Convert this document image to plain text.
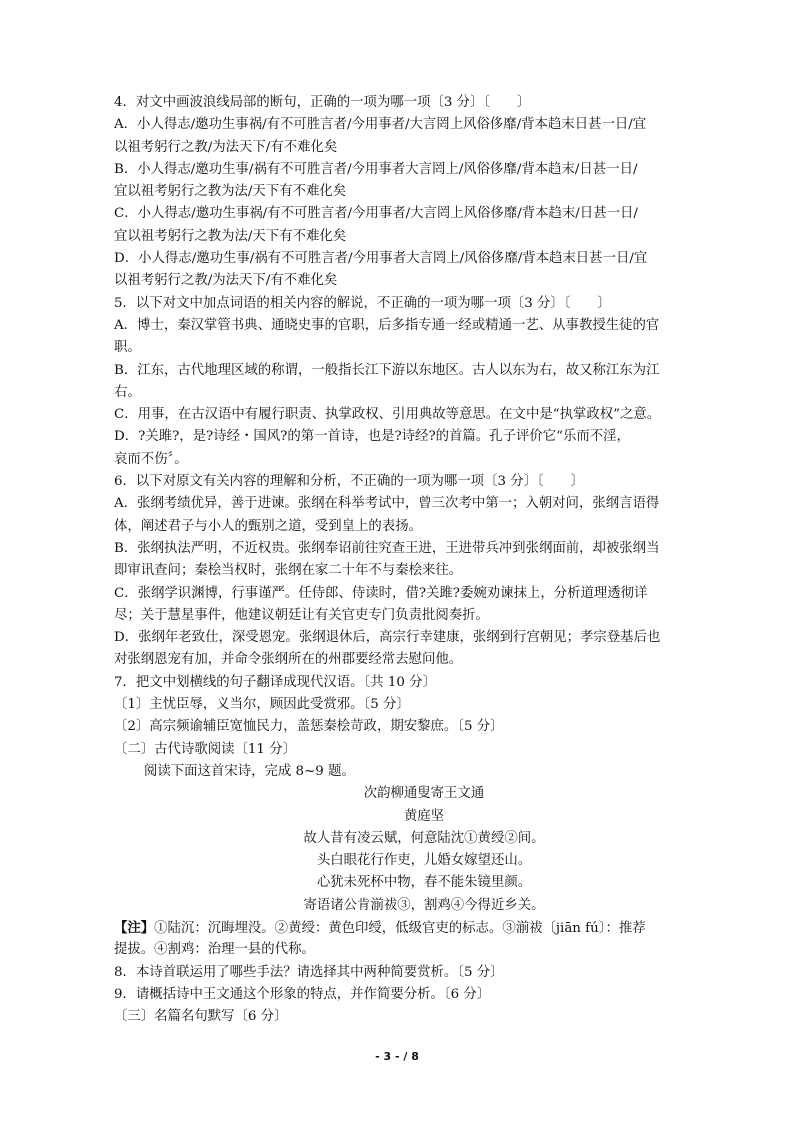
4．对文中画波浪线局部的断句，正确的一项为哪一项〔3 分〕〔　　〕
A．小人得志/邀功生事祸/有不可胜言者/今用事者/大言罔上风俗侈靡/背本趋末日甚一日/宜
以祖考躬行之教/为法天下/有不难化矣
B．小人得志/邀功生事/祸有不可胜言者/今用事者大言罔上/风俗侈靡/背本趋末/日甚一日/
宜以祖考躬行之教为法/天下有不难化矣
C．小人得志/邀功生事祸/有不可胜言者/今用事者/大言罔上风俗侈靡/背本趋末/日甚一日/
宜以祖考躬行之教为法/天下有不难化矣
D．小人得志/邀功生事/祸有不可胜言者/今用事者大言罔上/风俗侈靡/背本趋末日甚一日/宜
以祖考躬行之教/为法天下/有不难化矣
5．以下对文中加点词语的相关内容的解说，不正确的一项为哪一项〔3 分〕〔　　〕
A．博士，秦汉掌管书典、通晓史事的官职，后多指专通一经或精通一艺、从事教授生徒的官
职。
B．江东，古代地理区域的称谓，一般指长江下游以东地区。古人以东为右，故又称江东为江
右。
C．用事，在古汉语中有履行职责、执掌政权、引用典故等意思。在文中是“执掌政权”之意。
D．?关雎?，是?诗经・国风?的第一首诗，也是?诗经?的首篇。孔子评价它“乐而不淫，
哀而不伤〞。
6．以下对原文有关内容的理解和分析，不正确的一项为哪一项〔3 分〕〔　　〕
A．张纲考绩优异，善于进谏。张纲在科举考试中，曾三次考中第一；入朝对问，张纲言语得
体，阐述君子与小人的甄别之道，受到皇上的表扬。
B．张纲执法严明，不近权贵。张纲奉诏前往究查王进，王进带兵冲到张纲面前，却被张纲当
即审讯查问；秦桧当权时，张纲在家二十年不与秦桧来往。
C．张纲学识渊博，行事谨严。任侍郎、侍读时，借?关雎?委婉劝谏抹上，分析道理透彻详
尽；关于慧星事件，他建议朝廷让有关官吏专门负责批阅奏折。
D．张纲年老致仕，深受恩宠。张纲退休后，高宗行幸建康，张纲到行宫朝见；孝宗登基后也
对张纲恩宠有加，并命令张纲所在的州郡要经常去慰问他。
7．把文中划横线的句子翻译成现代汉语。〔共 10 分〕
〔1〕主忧臣辱，义当尔，顾因此受赏邪。〔5 分〕
〔2〕高宗频谕辅臣宽恤民力，盖惩秦桧苛政，期安黎庶。〔5 分〕
〔二〕古代诗歌阅读〔11 分〕
阅读下面这首宋诗，完成 8~9 题。
次韵柳通叟寄王文通
黄庭坚
故人昔有凌云赋，何意陆沈①黄绶②间。
头白眼花行作吏，儿婚女嫁望还山。
心犹未死杯中物，春不能朱镜里颜。
寄语诸公肯湔祓③，割鸡④今得近乡关。
【注】①陆沉：沉晦埋没。②黄绶：黄色印绶，低级官吏的标志。③湔祓〔jiān fú〕：推荐
提拔。④割鸡：治理一县的代称。
8．本诗首联运用了哪些手法？请选择其中两种简要赏析。〔5 分〕
9．请概括诗中王文通这个形象的特点，并作简要分析。〔6 分〕
〔三〕名篇名句默写〔6 分〕
- 3 - / 8
